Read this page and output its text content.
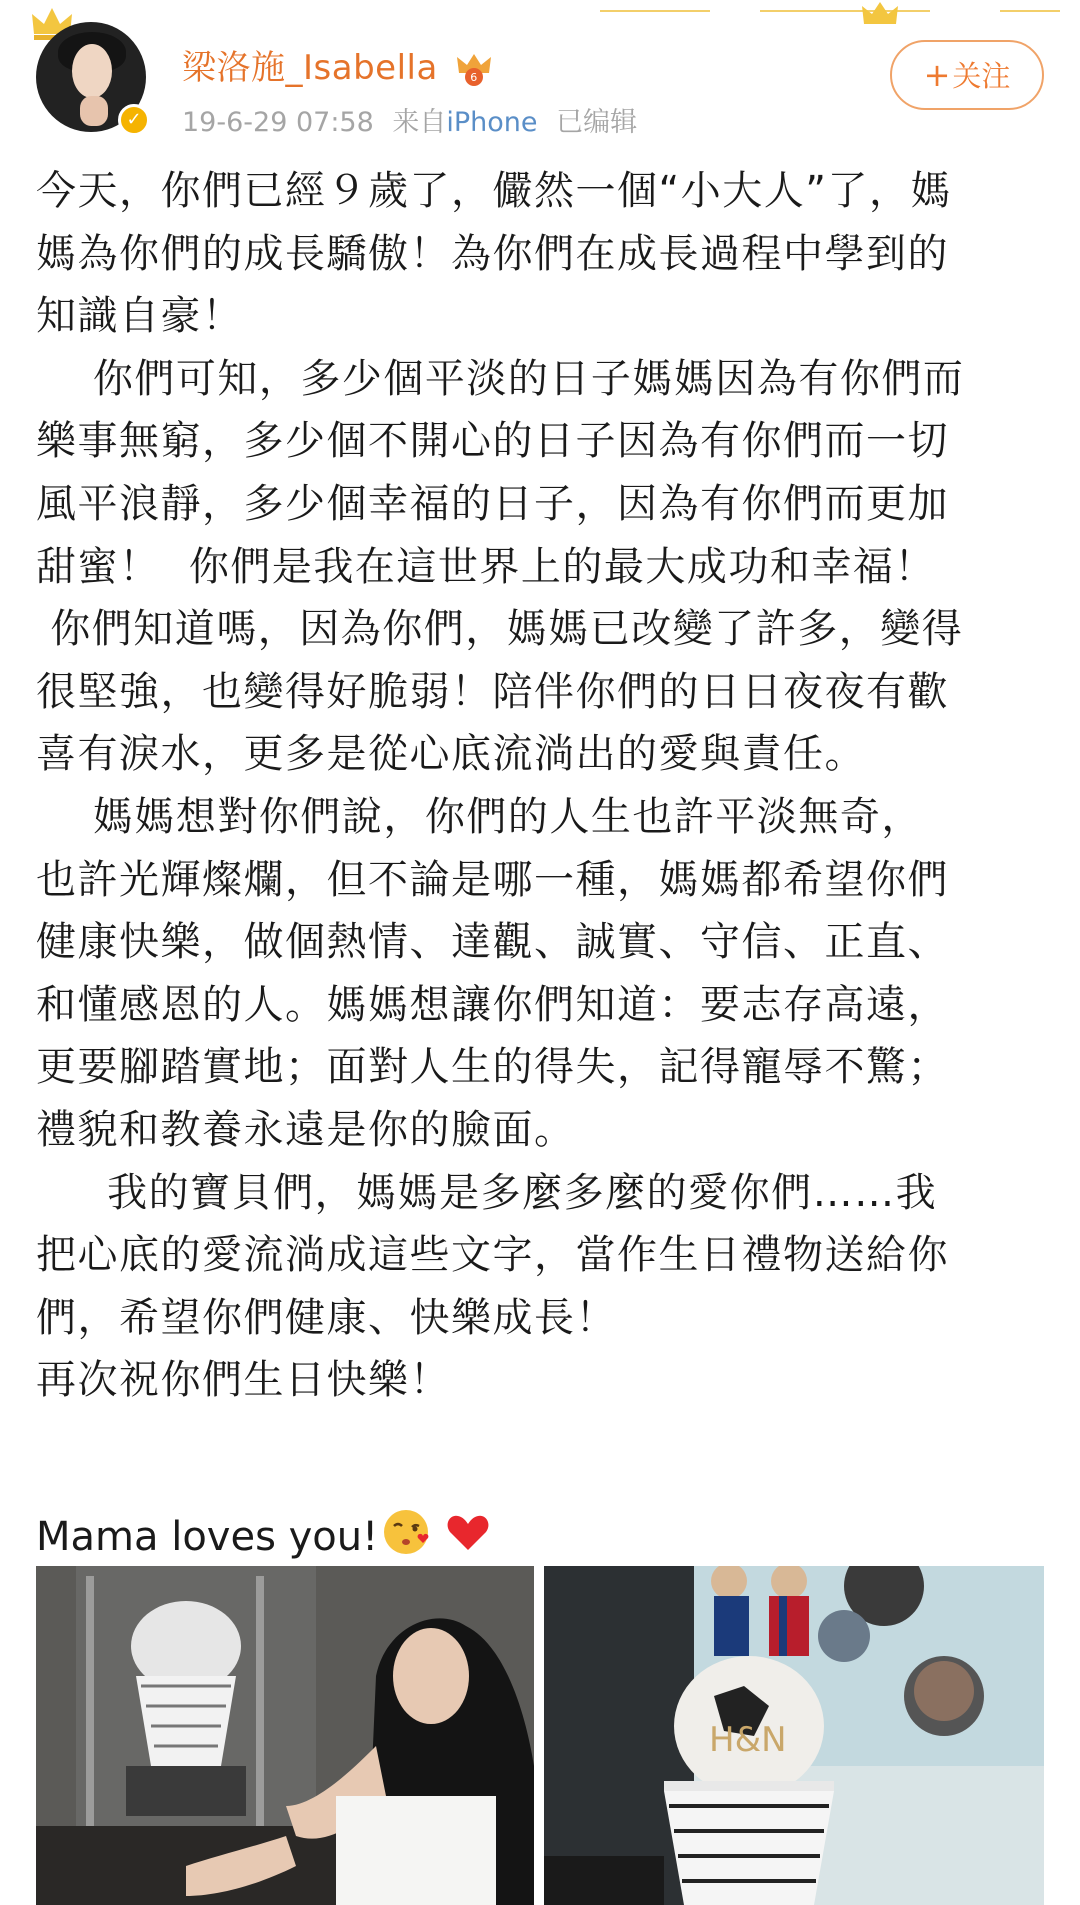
✓
梁洛施_Isabella	6
19-6-29 07:58 来自iPhone 已编辑
+关注

今天，你們已經９歲了，儼然一個“小大人”了，媽
媽為你們的成長驕傲！為你們在成長過程中學到的
知識自豪！

你們可知，多少個平淡的日子媽媽因為有你們而
樂事無窮，多少個不開心的日子因為有你們而一切
風平浪靜，多少個幸福的日子，因為有你們而更加
甜蜜！  你們是我在這世界上的最大成功和幸福！

你們知道嗎，因為你們，媽媽已改變了許多，變得
很堅強，也變得好脆弱！陪伴你們的日日夜夜有歡
喜有淚水，更多是從心底流淌出的愛與責任。

媽媽想對你們說，你們的人生也許平淡無奇，
也許光輝燦爛，但不論是哪一種，媽媽都希望你們
健康快樂，做個熱情、達觀、誠實、守信、正直、
和懂感恩的人。媽媽想讓你們知道：要志存高遠，
更要腳踏實地；面對人生的得失，記得寵辱不驚；
禮貌和教養永遠是你的臉面。

我的寶貝們，媽媽是多麼多麼的愛你們……我
把心底的愛流淌成這些文字，當作生日禮物送給你
們，希望你們健康、快樂成長！
再次祝你們生日快樂！

Mama loves you!

H&N
